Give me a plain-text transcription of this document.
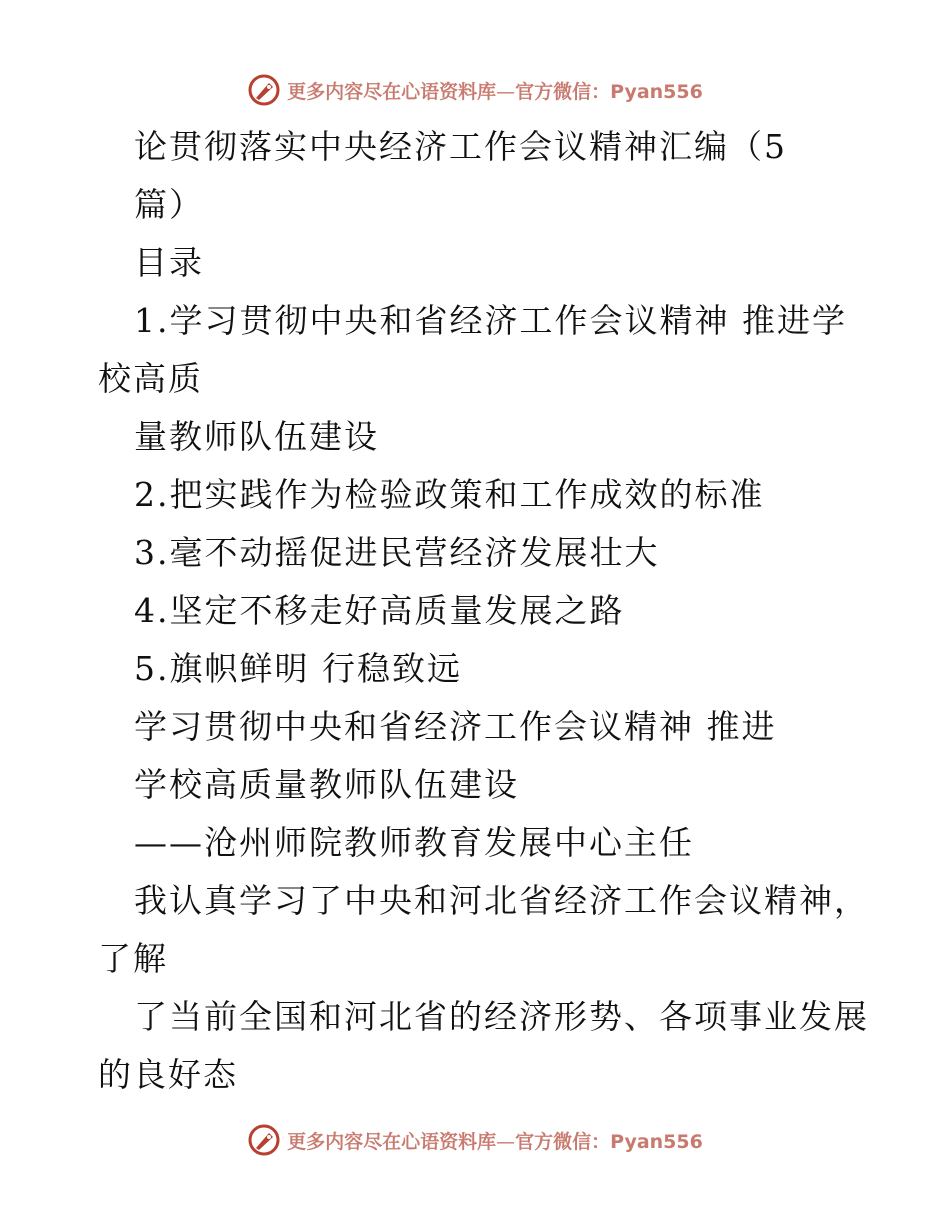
更多内容尽在心语资料库—官方微信：Pyan556
论贯彻落实中央经济工作会议精神汇编（5
篇）
目录
1.学习贯彻中央和省经济工作会议精神 推进学
校高质
量教师队伍建设
2.把实践作为检验政策和工作成效的标准
3.毫不动摇促进民营经济发展壮大
4.坚定不移走好高质量发展之路
5.旗帜鲜明 行稳致远
学习贯彻中央和省经济工作会议精神 推进
学校高质量教师队伍建设
——沧州师院教师教育发展中心主任
我认真学习了中央和河北省经济工作会议精神，
了解
了当前全国和河北省的经济形势、各项事业发展
的良好态
更多内容尽在心语资料库—官方微信：Pyan556
